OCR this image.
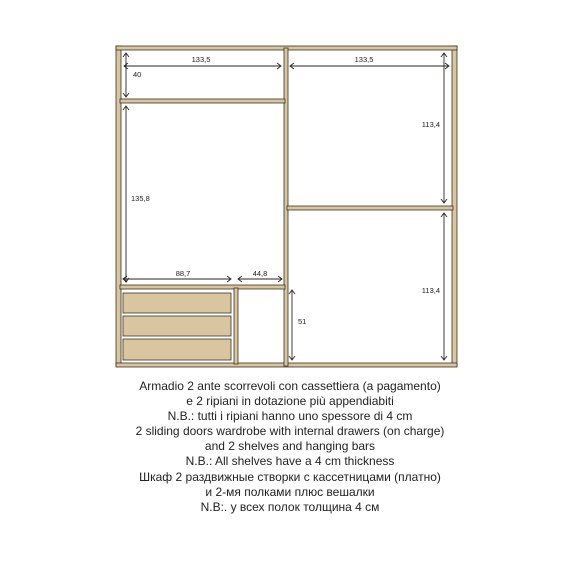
133,5	133,5
40
113,4
135,8
88,7	44,8
113,4
51
Armadio 2 ante scorrevoli con cassettiera (a pagamento)
e 2 ripiani in dotazione più appendiabiti
N.B.: tutti i ripiani hanno uno spessore di 4 cm
2 sliding doors wardrobe with internal drawers (on charge)
and 2 shelves and hanging bars
N.B.: All shelves have a 4 cm thickness
Шкаф 2 раздвижные створки с кассетницами (платно)
и 2-мя полками плюс вешалки
N.B:. у всех полок толщина 4 см
